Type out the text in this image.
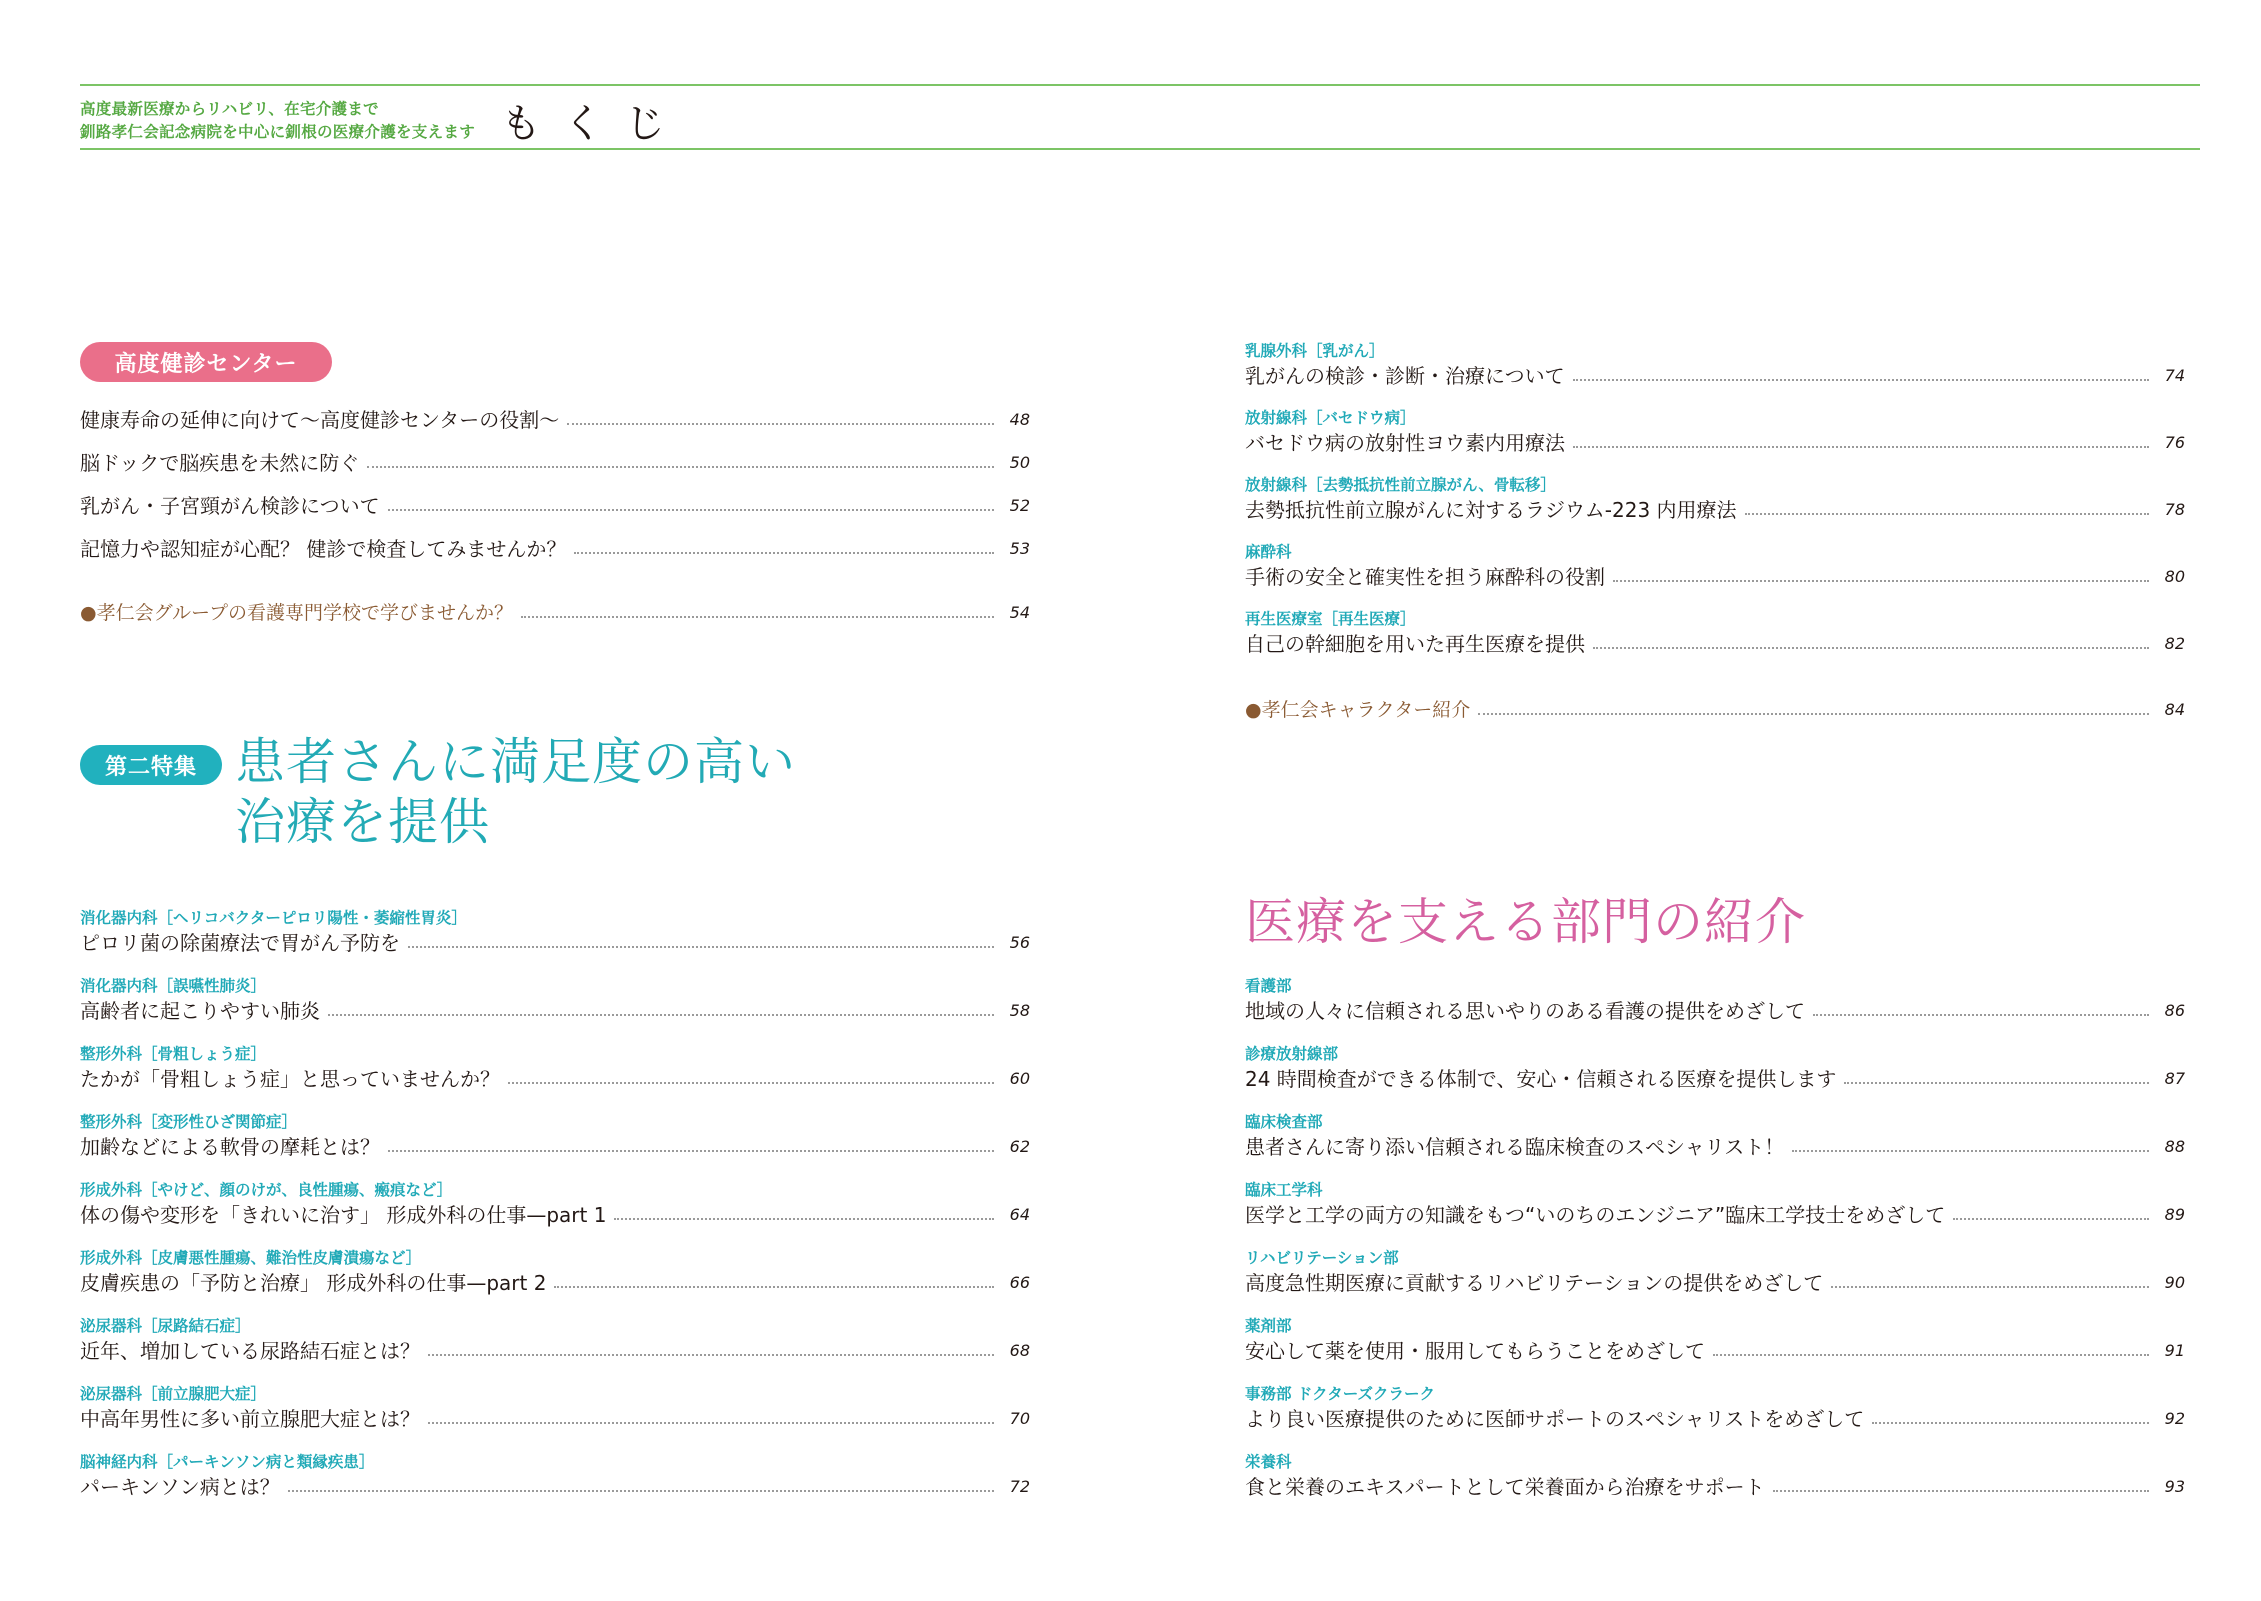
高度最新医療からリハビリ、在宅介護まで
釧路孝仁会記念病院を中心に釧根の医療介護を支えます もくじ
高度健診センター
健康寿命の延伸に向けて〜高度健診センターの役割〜	48
脳ドックで脳疾患を未然に防ぐ	50
乳がん・子宮頸がん検診について	52
記憶力や認知症が心配？ 健診で検査してみませんか？	53
●孝仁会グループの看護専門学校で学びませんか？	54
第二特集 患者さんに満足度の高い
治療を提供
消化器内科［ヘリコバクターピロリ陽性・萎縮性胃炎］
ピロリ菌の除菌療法で胃がん予防を	56
消化器内科［誤嚥性肺炎］
高齢者に起こりやすい肺炎	58
整形外科［骨粗しょう症］
たかが「骨粗しょう症」と思っていませんか？	60
整形外科［変形性ひざ関節症］
加齢などによる軟骨の摩耗とは？	62
形成外科［やけど、顔のけが、良性腫瘍、瘢痕など］
体の傷や変形を「きれいに治す」 形成外科の仕事—part 1	64
形成外科［皮膚悪性腫瘍、難治性皮膚潰瘍など］
皮膚疾患の「予防と治療」 形成外科の仕事—part 2	66
泌尿器科［尿路結石症］
近年、増加している尿路結石症とは？	68
泌尿器科［前立腺肥大症］
中高年男性に多い前立腺肥大症とは？	70
脳神経内科［パーキンソン病と類縁疾患］
パーキンソン病とは？	72
乳腺外科［乳がん］
乳がんの検診・診断・治療について	74
放射線科［バセドウ病］
バセドウ病の放射性ヨウ素内用療法	76
放射線科［去勢抵抗性前立腺がん、骨転移］
去勢抵抗性前立腺がんに対するラジウム-223 内用療法	78
麻酔科
手術の安全と確実性を担う麻酔科の役割	80
再生医療室［再生医療］
自己の幹細胞を用いた再生医療を提供	82
●孝仁会キャラクター紹介	84
医療を支える部門の紹介
看護部
地域の人々に信頼される思いやりのある看護の提供をめざして	86
診療放射線部
24 時間検査ができる体制で、安心・信頼される医療を提供します	87
臨床検査部
患者さんに寄り添い信頼される臨床検査のスペシャリスト！	88
臨床工学科
医学と工学の両方の知識をもつ“いのちのエンジニア”臨床工学技士をめざして	89
リハビリテーション部
高度急性期医療に貢献するリハビリテーションの提供をめざして	90
薬剤部
安心して薬を使用・服用してもらうことをめざして	91
事務部 ドクターズクラーク
より良い医療提供のために医師サポートのスペシャリストをめざして	92
栄養科
食と栄養のエキスパートとして栄養面から治療をサポート	93
